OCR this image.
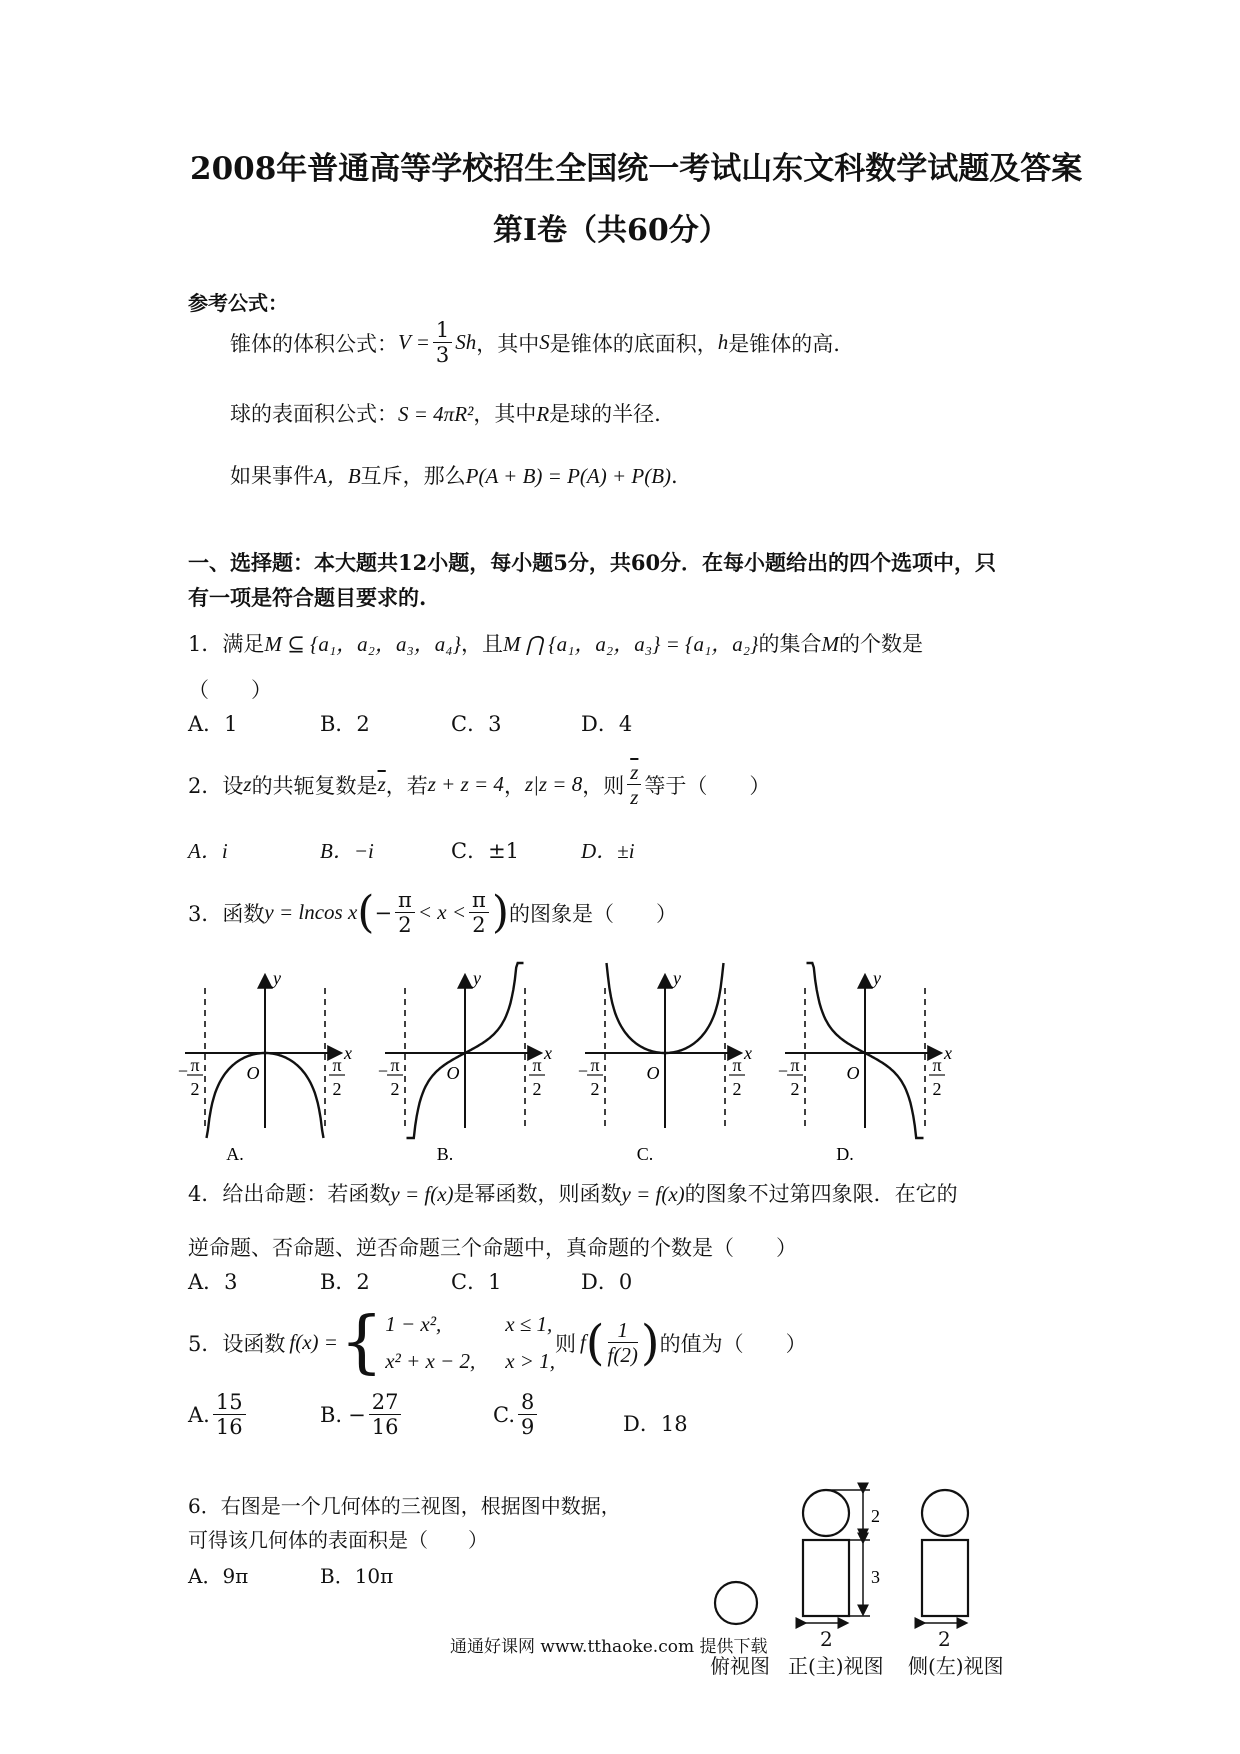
2008年普通高等学校招生全国统一考试山东文科数学试题及答案
第Ⅰ卷（共60分）
参考公式：
锥体的体积公式： $V = \frac{1}{3}$ Sh ，其中 S 是锥体的底面积， h 是锥体的高.
球的表面积公式：S = 4πR²，其中R是球的半径.
如果事件A，B互斥，那么P(A + B) = P(A) + P(B).
一、选择题：本大题共12小题，每小题5分，共60分．在每小题给出的四个选项中，只
有一项是符合题目要求的.
1．满足M ⊆ {a₁，a₂，a₃，a₄}，且M ⋂ {a₁，a₂，a₃} = {a₁，a₂}的集合M的个数是
（　　）
A．1	B．2	C．3	D．4
2．设 z 的共轭复数是 $\overline{z}$ ，若 z + z = 4 ， z|z = 8 ，则 $\frac{\overline{z}}{z}$ 等于（　　）
A．i	B．−i	C．±1	D．±i
3．函数 y = lncos x ( − $\frac{\pi}{2} < x < \frac{\pi}{2}$ ) 的图象是（　　）
x
y
O
− π
2
π
2
A.
x
y
O
− π
2
π
2
B.
x
y
O
− π
2
π
2
C.
x
y
O
− π
2
π
2
D.
4．给出命题：若函数y = f(x)是幂函数，则函数y = f(x)的图象不过第四象限．在它的
逆命题、否命题、逆否命题三个命题中，真命题的个数是（　　）
A．3	B．2	C．1	D．0
5．设函数 f(x) = { 1 − x²,	x ≤ 1,
x² + x − 2,	x > 1,
则 f ( $\frac{1}{f(2)}$ ) 的值为（　　）
A. $\frac{15}{16}$	B. − $\frac{27}{16}$	C. $\frac{8}{9}$	D．18
6．右图是一个几何体的三视图，根据图中数据，
可得该几何体的表面积是（　　）
A．9π	B．10π
2
3
2	2
俯视图 正(主)视图 侧(左)视图
通通好课网 www.tthaoke.com 提供下载
